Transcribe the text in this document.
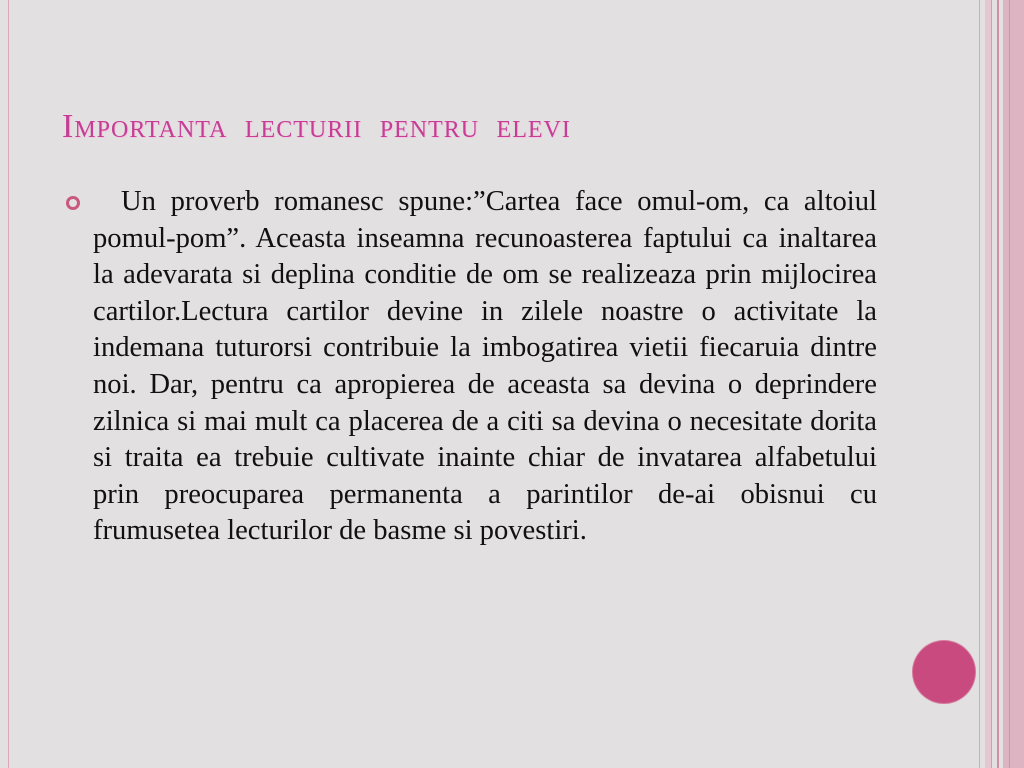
Importanta lecturii pentru elevi
Un proverb romanesc spune:”Cartea face omul-om, ca altoiul pomul-pom”. Aceasta inseamna recunoasterea faptului ca inaltarea la adevarata si deplina conditie de om se realizeaza prin mijlocirea cartilor.Lectura cartilor devine in zilele noastre o activitate la indemana tuturorsi contribuie la imbogatirea vietii fiecaruia dintre noi. Dar, pentru ca apropierea de aceasta sa devina o deprindere zilnica si mai mult ca placerea de a citi sa devina o necesitate dorita si traita ea trebuie cultivate inainte chiar de invatarea alfabetului prin preocuparea permanenta a parintilor de-ai obisnui cu frumusetea lecturilor de basme si povestiri.
